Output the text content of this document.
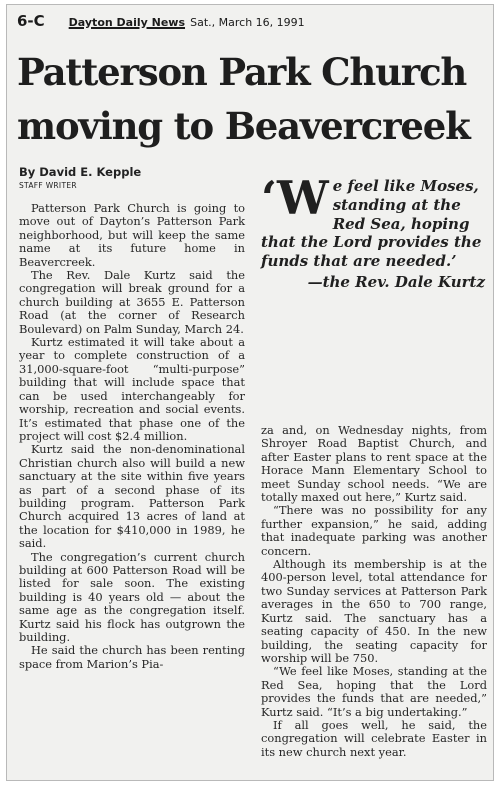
6-C Dayton Daily News Sat., March 16, 1991
Patterson Park Church moving to Beavercreek
By David E. Kepple
STAFF WRITER

Patterson Park Church is going to move out of Dayton’s Patterson Park neighborhood, but will keep the same name at its future home in Beavercreek.

The Rev. Dale Kurtz said the congregation will break ground for a church building at 3655 E. Patterson Road (at the corner of Research Boulevard) on Palm Sunday, March 24.

Kurtz estimated it will take about a year to complete construction of a 31,000-square-foot “multi-purpose” building that will include space that can be used interchangeably for worship, recreation and social events. It’s estimated that phase one of the project will cost $2.4 million.

Kurtz said the non-denominational Christian church also will build a new sanctuary at the site within five years as part of a second phase of its building program. Patterson Park Church acquired 13 acres of land at the location for $410,000 in 1989, he said.

The congregation’s current church building at 600 Patterson Road will be listed for sale soon. The existing building is 40 years old — about the same age as the congregation itself. Kurtz said his flock has outgrown the building.

He said the church has been renting space from Marion’s Pia-

‘W e feel like Moses, standing at the Red Sea, hoping that the Lord provides the funds that are needed.’
—the Rev. Dale Kurtz

za and, on Wednesday nights, from Shroyer Road Baptist Church, and after Easter plans to rent space at the Horace Mann Elementary School to meet Sunday school needs. “We are totally maxed out here,” Kurtz said.

“There was no possibility for any further expansion,” he said, adding that inadequate parking was another concern.

Although its membership is at the 400-person level, total attendance for two Sunday services at Patterson Park averages in the 650 to 700 range, Kurtz said. The sanctuary has a seating capacity of 450. In the new building, the seating capacity for worship will be 750.

“We feel like Moses, standing at the Red Sea, hoping that the Lord provides the funds that are needed,” Kurtz said. “It’s a big undertaking.”

If all goes well, he said, the congregation will celebrate Easter in its new church next year.
